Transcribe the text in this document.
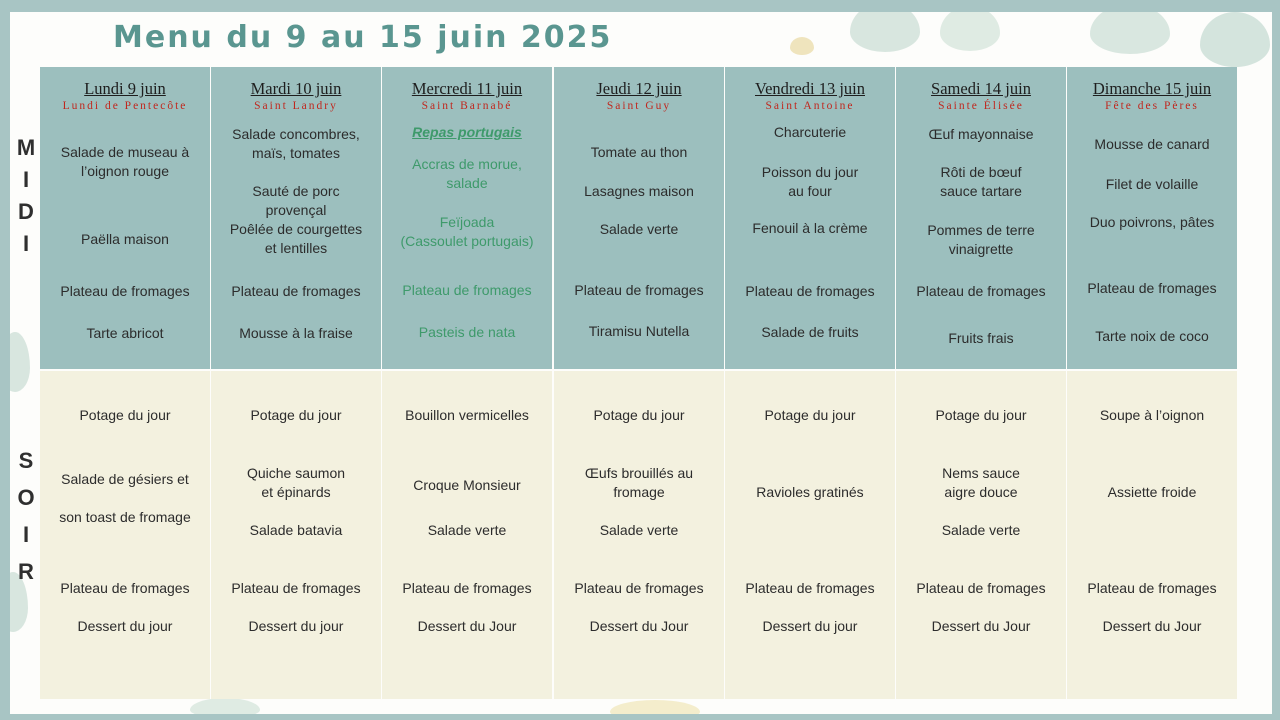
Menu du 9 au 15 juin 2025
M
I
D
I
S
O
I
R
Lundi 9 juin
Lundi de Pentecôte
Salade de museau à
l’oignon rouge
Paëlla maison
Plateau de fromages
Tarte abricot
Potage du jour
Salade de gésiers et

son toast de fromage
Plateau de fromages
Dessert du jour
Mardi 10 juin
Saint Landry
Salade concombres,
maïs, tomates
Sauté de porc
provençal
Poêlée de courgettes
et lentilles
Plateau de fromages
Mousse à la fraise
Potage du jour
Quiche saumon
et épinards
Salade batavia
Plateau de fromages
Dessert du jour
Mercredi 11 juin
Saint Barnabé
Repas portugais
Accras de morue,
salade
Feïjoada
(Cassoulet portugais)
Plateau de fromages
Pasteis de nata
Bouillon vermicelles
Croque Monsieur
Salade verte
Plateau de fromages
Dessert du Jour
Jeudi 12 juin
Saint Guy
Tomate au thon
Lasagnes maison
Salade verte
Plateau de fromages
Tiramisu Nutella
Potage du jour
Œufs brouillés au
fromage
Salade verte
Plateau de fromages
Dessert du Jour
Vendredi 13 juin
Saint Antoine
Charcuterie
Poisson du jour
au four
Fenouil à la crème
Plateau de fromages
Salade de fruits
Potage du jour
Ravioles gratinés
Plateau de fromages
Dessert du jour
Samedi 14 juin
Sainte Élisée
Œuf mayonnaise
Rôti de bœuf
sauce tartare
Pommes de terre
vinaigrette
Plateau de fromages
Fruits frais
Potage du jour
Nems sauce
aigre douce
Salade verte
Plateau de fromages
Dessert du Jour
Dimanche 15 juin
Fête des Pères
Mousse de canard
Filet de volaille
Duo poivrons, pâtes
Plateau de fromages
Tarte noix de coco
Soupe à l’oignon
Assiette froide
Plateau de fromages
Dessert du Jour
